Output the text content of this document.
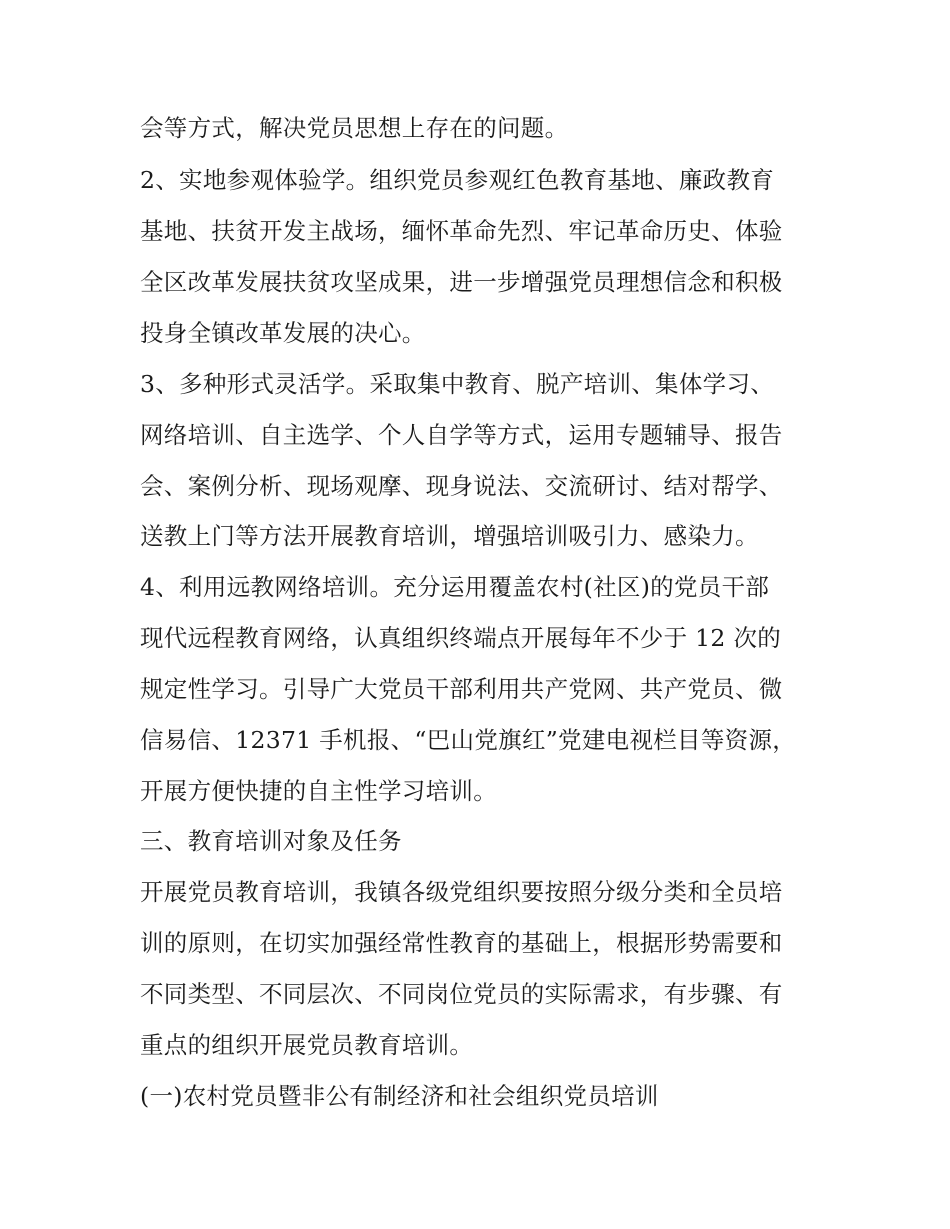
会等方式，解决党员思想上存在的问题。
2、实地参观体验学。组织党员参观红色教育基地、廉政教育
基地、扶贫开发主战场，缅怀革命先烈、牢记革命历史、体验
全区改革发展扶贫攻坚成果，进一步增强党员理想信念和积极
投身全镇改革发展的决心。
3、多种形式灵活学。采取集中教育、脱产培训、集体学习、
网络培训、自主选学、个人自学等方式，运用专题辅导、报告
会、案例分析、现场观摩、现身说法、交流研讨、结对帮学、
送教上门等方法开展教育培训，增强培训吸引力、感染力。
4、利用远教网络培训。充分运用覆盖农村(社区)的党员干部
现代远程教育网络，认真组织终端点开展每年不少于 12 次的
规定性学习。引导广大党员干部利用共产党网、共产党员、微
信易信、12371 手机报、“巴山党旗红”党建电视栏目等资源，
开展方便快捷的自主性学习培训。
三、教育培训对象及任务
开展党员教育培训，我镇各级党组织要按照分级分类和全员培
训的原则，在切实加强经常性教育的基础上，根据形势需要和
不同类型、不同层次、不同岗位党员的实际需求，有步骤、有
重点的组织开展党员教育培训。
(一)农村党员暨非公有制经济和社会组织党员培训
